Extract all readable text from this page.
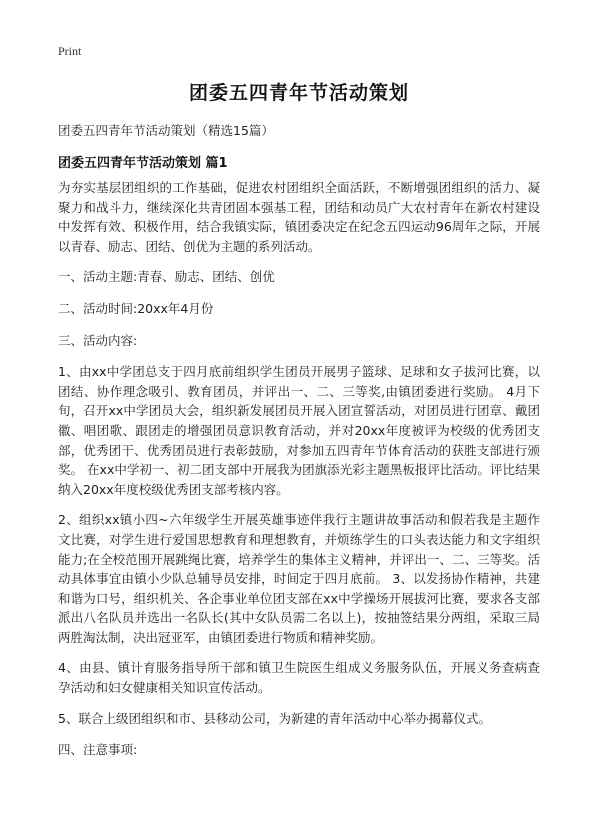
Print
团委五四青年节活动策划
团委五四青年节活动策划（精选15篇）
团委五四青年节活动策划 篇1

为夯实基层团组织的工作基础，促进农村团组织全面活跃，不断增强团组织的活力、凝聚力和战斗力，继续深化共青团固本强基工程，团结和动员广大农村青年在新农村建设中发挥有效、积极作用，结合我镇实际，镇团委决定在纪念五四运动96周年之际，开展以青春、励志、团结、创优为主题的系列活动。

一、活动主题:青春、励志、团结、创优

二、活动时间:20xx年4月份

三、活动内容:

1、由xx中学团总支于四月底前组织学生团员开展男子篮球、足球和女子拔河比赛，以团结、协作理念吸引、教育团员，并评出一、二、三等奖,由镇团委进行奖励。 4月下旬，召开xx中学团员大会，组织新发展团员开展入团宣誓活动，对团员进行团章、戴团徽、唱团歌、跟团走的增强团员意识教育活动，并对20xx年度被评为校级的优秀团支部，优秀团干、优秀团员进行表彰鼓励，对参加五四青年节体育活动的获胜支部进行颁奖。 在xx中学初一、初二团支部中开展我为团旗添光彩主题黑板报评比活动。评比结果纳入20xx年度校级优秀团支部考核内容。

2、组织xx镇小四~六年级学生开展英雄事迹伴我行主题讲故事活动和假若我是主题作文比赛，对学生进行爱国思想教育和理想教育，并烦练学生的口头表达能力和文字组织能力;在全校范围开展跳绳比赛，培养学生的集体主义精神，并评出一、二、三等奖。活动具体事宜由镇小少队总辅导员安排，时间定于四月底前。 3、以发扬协作精神，共建和谐为口号，组织机关、各企事业单位团支部在xx中学操场开展拔河比赛，要求各支部派出八名队员并选出一名队长(其中女队员需二名以上)，按抽签结果分两组，采取三局两胜淘汰制，决出冠亚军，由镇团委进行物质和精神奖励。

4、由县、镇计育服务指导所干部和镇卫生院医生组成义务服务队伍，开展义务查病查孕活动和妇女健康相关知识宣传活动。

5、联合上级团组织和市、县移动公司，为新建的青年活动中心举办揭幕仪式。

四、注意事项:
